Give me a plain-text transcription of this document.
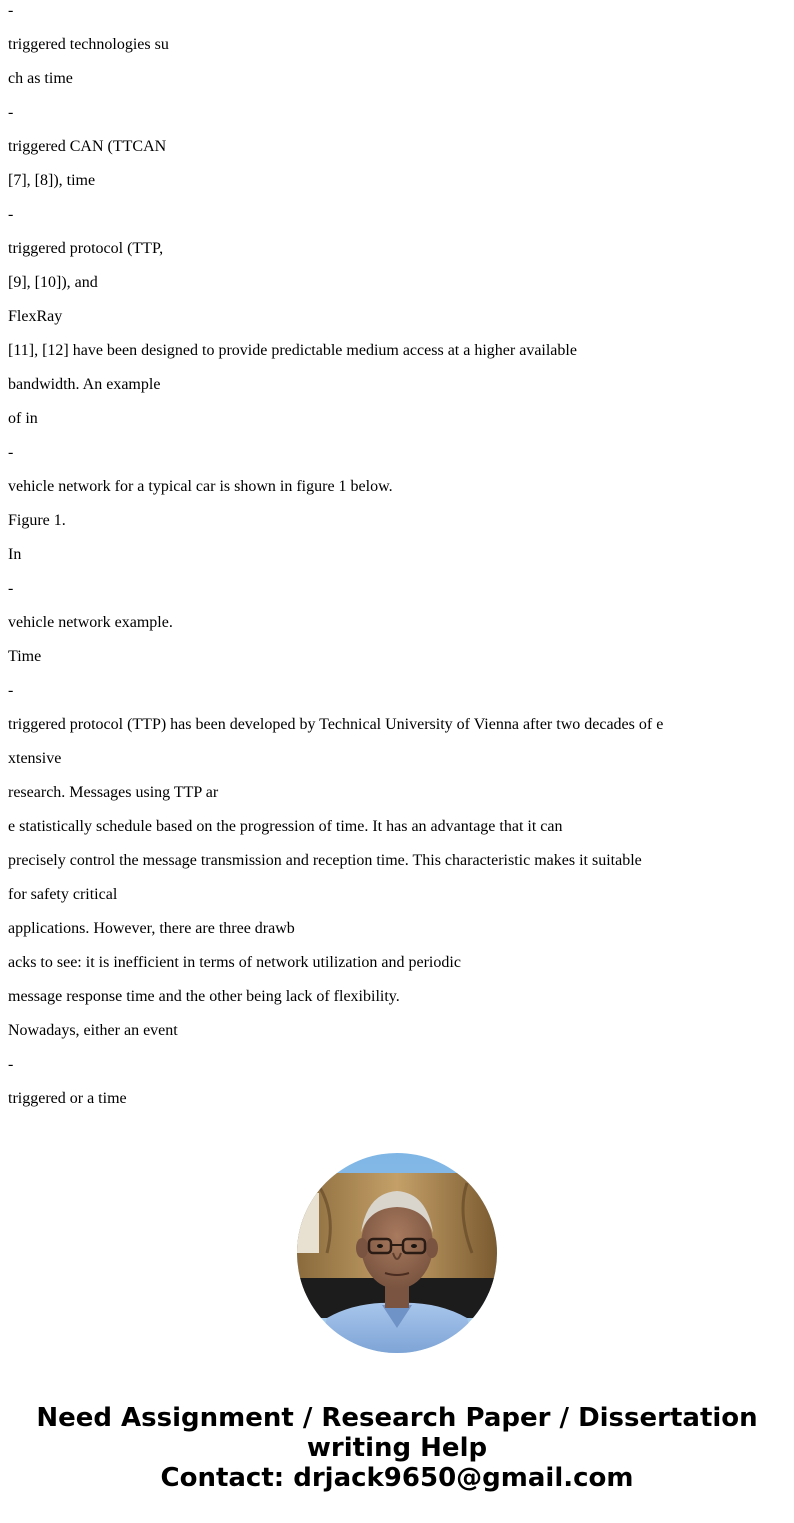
-
triggered technologies su
ch as time
-
triggered CAN (TTCAN
[7], [8]), time
-
triggered protocol (TTP,
[9], [10]), and
FlexRay
[11], [12] have been designed to provide predictable medium access at a higher available
bandwidth. An example
of in
-
vehicle network for a typical car is shown in figure 1 below.
Figure 1.
In
-
vehicle network example.
Time
-
triggered protocol (TTP) has been developed by Technical University of Vienna after two decades of e
xtensive
research. Messages using TTP ar
e statistically schedule based on the progression of time. It has an advantage that it can
precisely control the message transmission and reception time. This characteristic makes it suitable
for safety critical
applications. However, there are three drawb
acks to see: it is inefficient in terms of network utilization and periodic
message response time and the other being lack of flexibility.
Nowadays, either an event
-
triggered or a time
Need Assignment / Research Paper / Dissertation
writing Help
Contact: drjack9650@gmail.com
